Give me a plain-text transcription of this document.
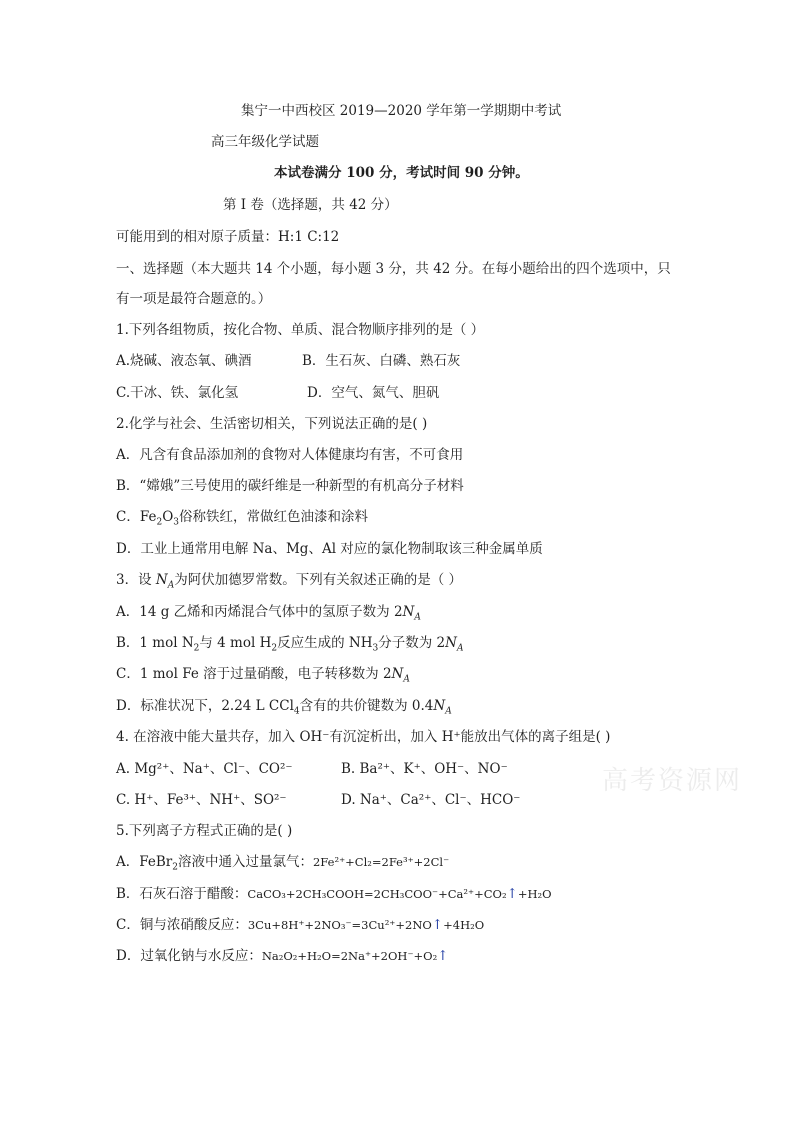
高考资源网
集宁一中西校区 2019—2020 学年第一学期期中考试
高三年级化学试题
本试卷满分 100 分，考试时间 90 分钟。
第 I 卷（选择题，共 42 分）
可能用到的相对原子质量：H:1 C:12
一、选择题（本大题共 14 个小题，每小题 3 分，共 42 分。在每小题给出的四个选项中，只
有一项是最符合题意的。）
1.下列各组物质，按化合物、单质、混合物顺序排列的是（ ）
A.烧碱、液态氧、碘酒	B．生石灰、白磷、熟石灰
C.干冰、铁、氯化氢	D．空气、氮气、胆矾
2.化学与社会、生活密切相关，下列说法正确的是( )
A．凡含有食品添加剂的食物对人体健康均有害，不可食用
B．“嫦娥”三号使用的碳纤维是一种新型的有机高分子材料
C．$Fe_2O_3$俗称铁红，常做红色油漆和涂料
D．工业上通常用电解 Na、Mg、Al 对应的氯化物制取该三种金属单质
3．设 $N_A$为阿伏加德罗常数。下列有关叙述正确的是（ ）
A．14 g 乙烯和丙烯混合气体中的氢原子数为 $2N_A$
B．1 mol $N_2$与 4 mol $H_2$反应生成的 $NH_3$分子数为 $2N_A$
C．1 mol Fe 溶于过量硝酸，电子转移数为 $2N_A$
D．标准状况下，2.24 L CCl$_4$含有的共价键数为 $0.4N_A$
4. 在溶液中能大量共存，加入 OH⁻有沉淀析出，加入 H⁺能放出气体的离子组是( )
A. Mg²⁺、Na⁺、Cl⁻、CO²⁻	B. Ba²⁺、K⁺、OH⁻、NO⁻
C. H⁺、Fe³⁺、NH⁺、SO²⁻	D. Na⁺、Ca²⁺、Cl⁻、HCO⁻
5.下列离子方程式正确的是( )
A．FeBr$_2$溶液中通入过量氯气：2Fe²⁺+Cl₂=2Fe³⁺+2Cl⁻
B．石灰石溶于醋酸：CaCO₃+2CH₃COOH=2CH₃COO⁻+Ca²⁺+CO₂↑+H₂O
C．铜与浓硝酸反应：3Cu+8H⁺+2NO₃⁻=3Cu²⁺+2NO↑+4H₂O
D．过氧化钠与水反应：Na₂O₂+H₂O=2Na⁺+2OH⁻+O₂↑
